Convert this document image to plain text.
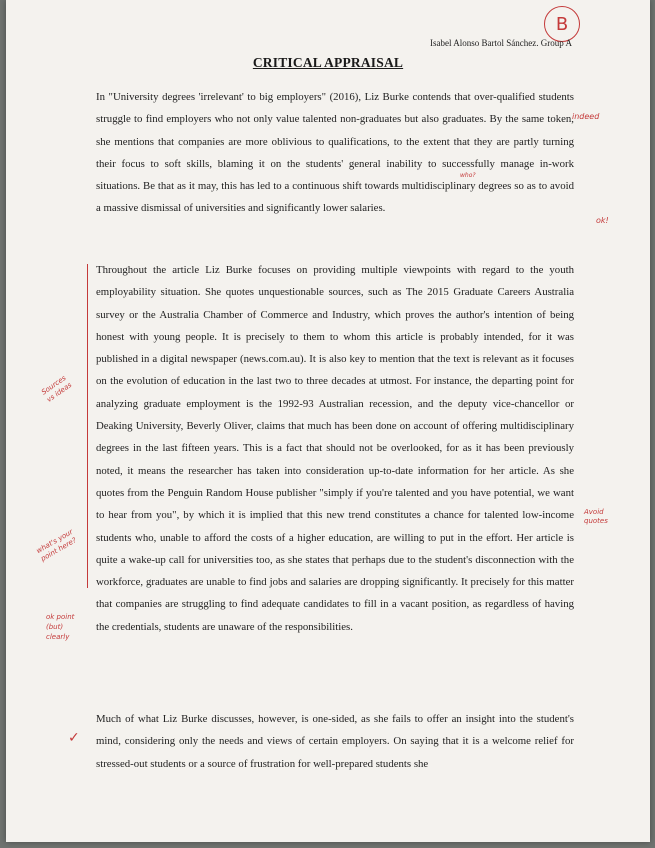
B
Isabel Alonso Bartol Sánchez. Group A
CRITICAL APPRAISAL
In "University degrees 'irrelevant' to big employers" (2016), Liz Burke contends that over-qualified students struggle to find employers who not only value talented non-graduates but also graduates. By the same token, she mentions that companies are more oblivious to qualifications, to the extent that they are partly turning their focus to soft skills, blaming it on the students' general inability to successfully manage in-work situations. Be that as it may, this has led to a continuous shift towards multidisciplinary degrees so as to avoid a massive dismissal of universities and significantly lower salaries.
Throughout the article Liz Burke focuses on providing multiple viewpoints with regard to the youth employability situation. She quotes unquestionable sources, such as The 2015 Graduate Careers Australia survey or the Australia Chamber of Commerce and Industry, which proves the author's intention of being honest with young people. It is precisely to them to whom this article is probably intended, for it was published in a digital newspaper (news.com.au). It is also key to mention that the text is relevant as it focuses on the evolution of education in the last two to three decades at utmost. For instance, the departing point for analyzing graduate employment is the 1992-93 Australian recession, and the deputy vice-chancellor or Deaking University, Beverly Oliver, claims that much has been done on account of offering multidisciplinary degrees in the last fifteen years. This is a fact that should not be overlooked, for as it has been previously noted, it means the researcher has taken into consideration up-to-date information for her article. As she quotes from the Penguin Random House publisher "simply if you're talented and you have potential, we want to hear from you", by which it is implied that this new trend constitutes a chance for talented low-income students who, unable to afford the costs of a higher education, are willing to put in the effort. Her article is quite a wake-up call for universities too, as she states that perhaps due to the student's disconnection with the workforce, graduates are unable to find jobs and salaries are dropping significantly. It precisely for this matter that companies are struggling to find adequate candidates to fill in a vacant position, as regardless of having the credentials, students are unaware of the responsibilities.
Much of what Liz Burke discusses, however, is one-sided, as she fails to offer an insight into the student's mind, considering only the needs and views of certain employers. On saying that it is a welcome relief for stressed-out students or a source of frustration for well-prepared students she
indeed
ok!
who?
Sources vs ideas
what's your point here?
Avoid quotes
ok point (but) clearly
✓
